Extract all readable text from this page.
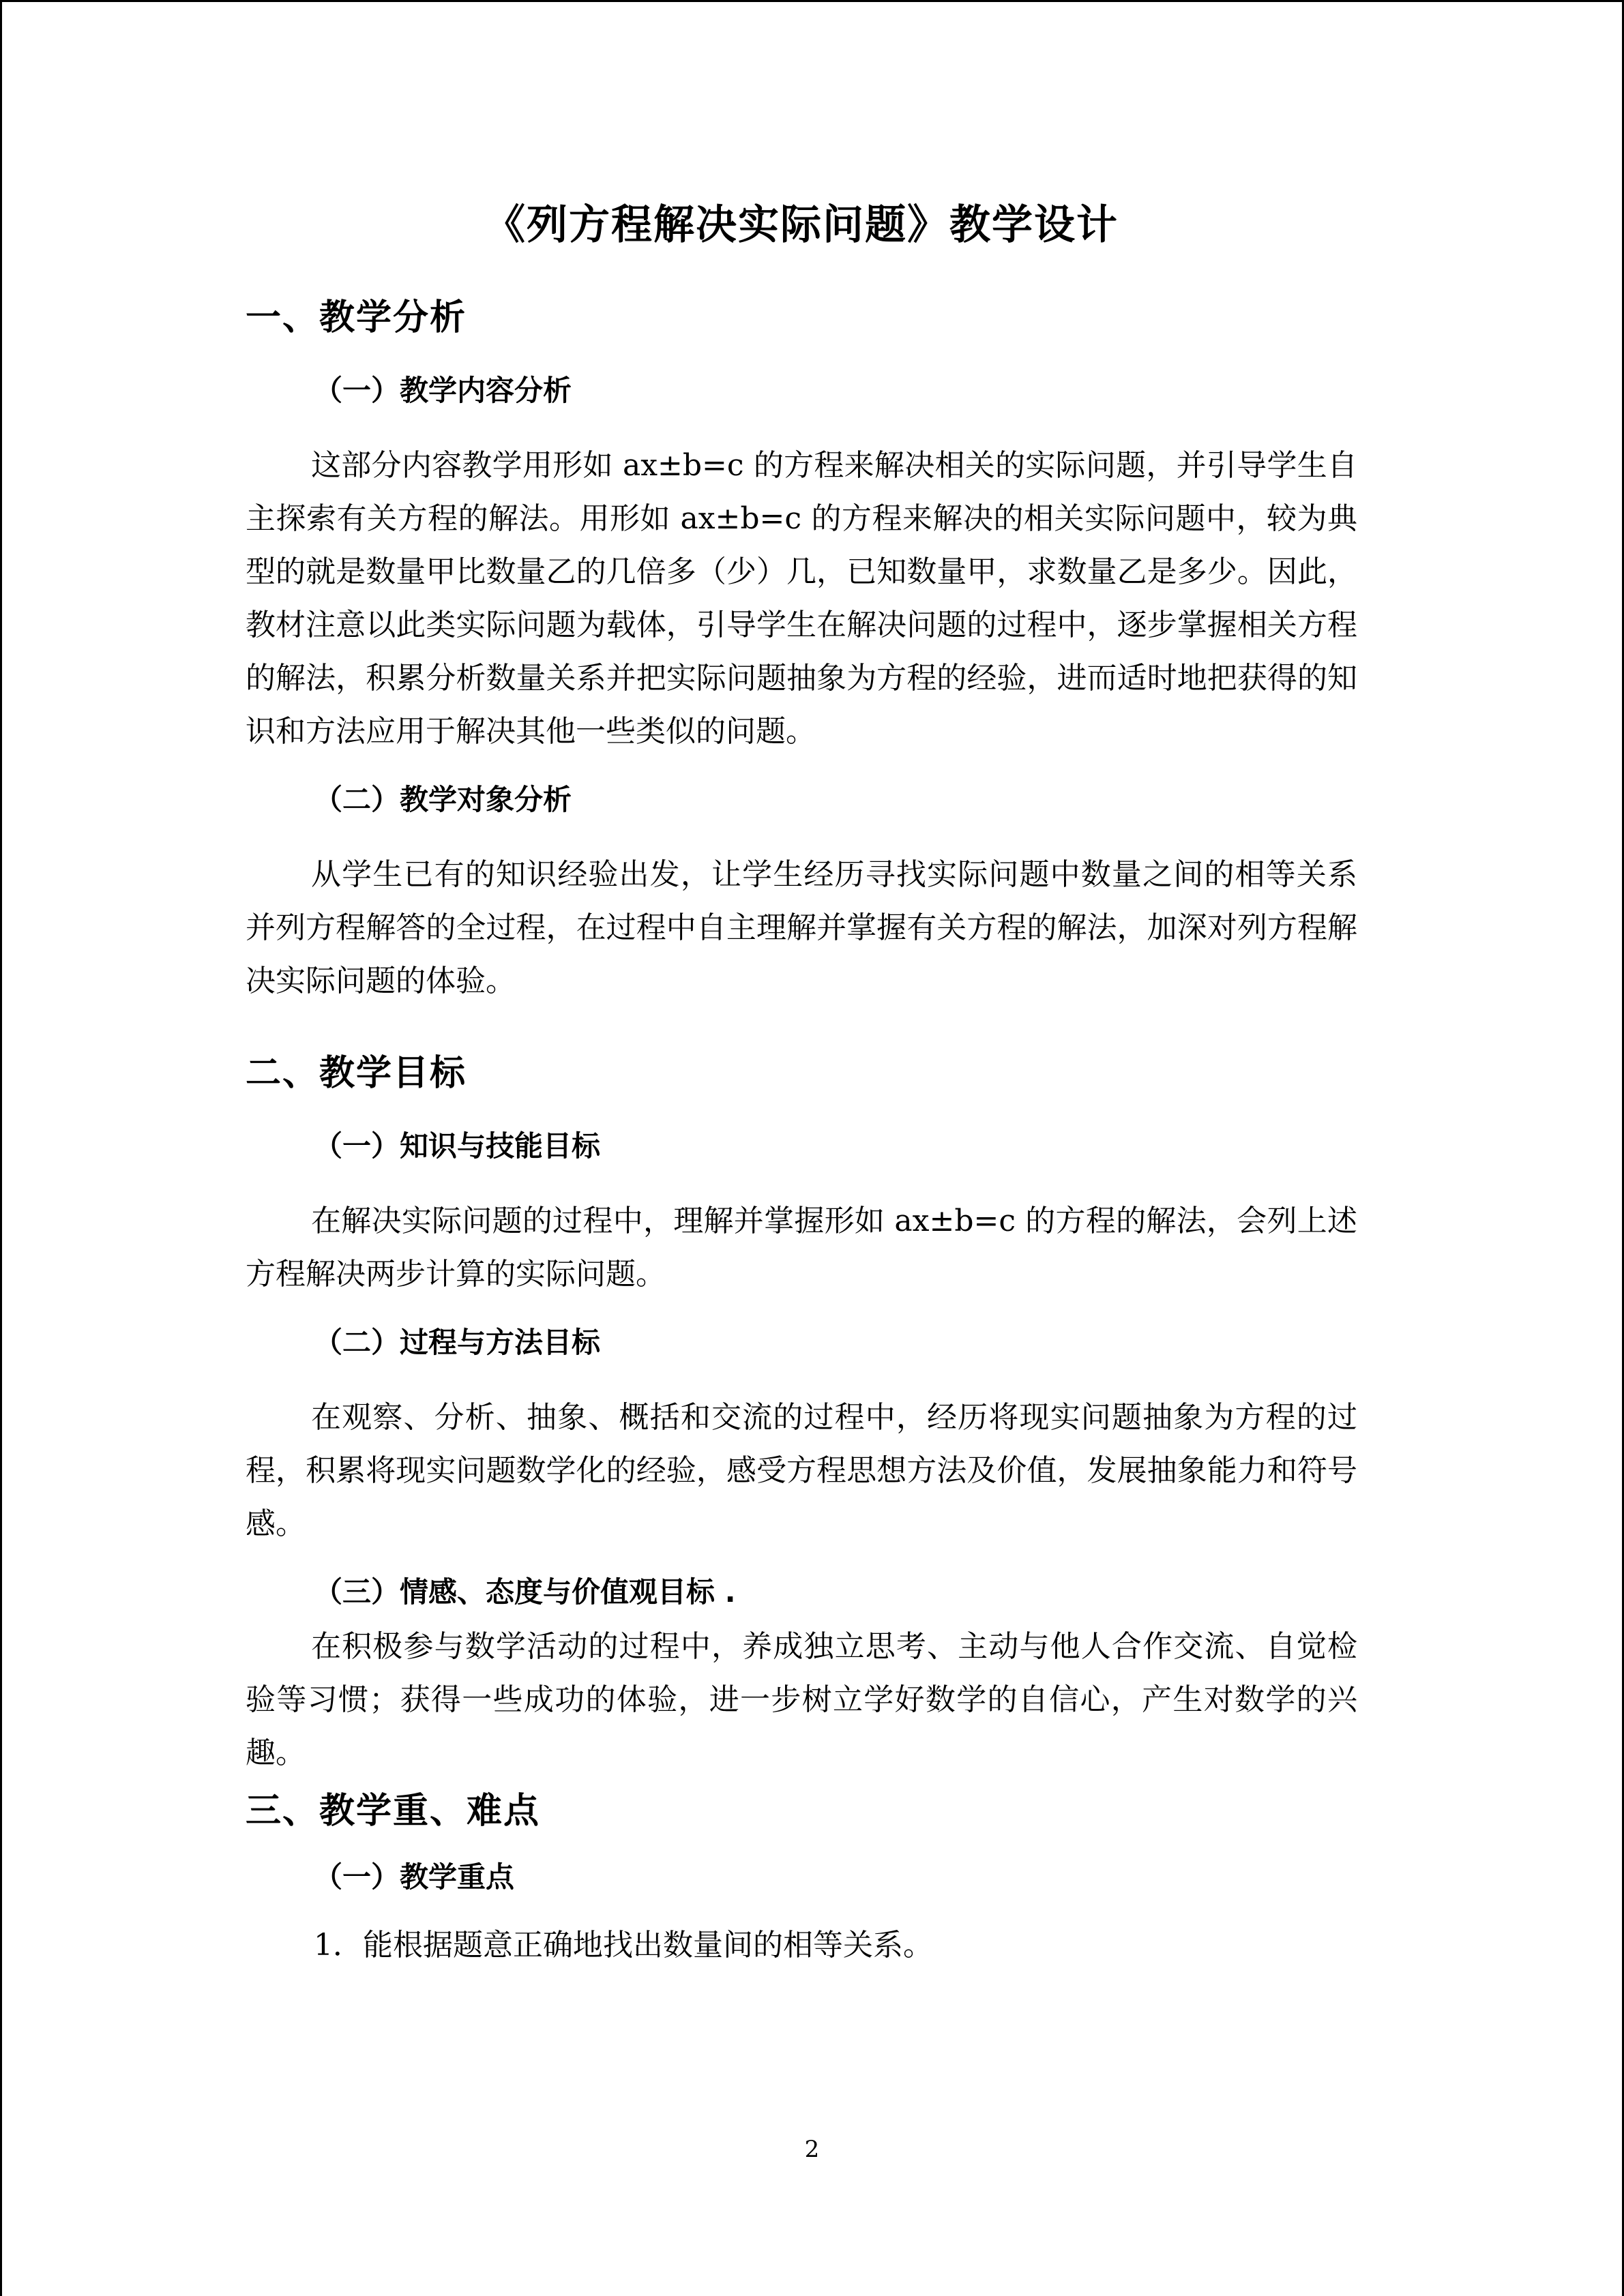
《列方程解决实际问题》教学设计
一、教学分析
（一）教学内容分析

这部分内容教学用形如 ax±b=c 的方程来解决相关的实际问题，并引导学生自主探索有关方程的解法。用形如 ax±b=c 的方程来解决的相关实际问题中，较为典型的就是数量甲比数量乙的几倍多（少）几，已知数量甲，求数量乙是多少。因此，教材注意以此类实际问题为载体，引导学生在解决问题的过程中，逐步掌握相关方程的解法，积累分析数量关系并把实际问题抽象为方程的经验，进而适时地把获得的知识和方法应用于解决其他一些类似的问题。

（二）教学对象分析

从学生已有的知识经验出发，让学生经历寻找实际问题中数量之间的相等关系并列方程解答的全过程，在过程中自主理解并掌握有关方程的解法，加深对列方程解决实际问题的体验。

二、教学目标
（一）知识与技能目标

在解决实际问题的过程中，理解并掌握形如 ax±b=c 的方程的解法，会列上述方程解决两步计算的实际问题。

（二）过程与方法目标

在观察、分析、抽象、概括和交流的过程中，经历将现实问题抽象为方程的过程，积累将现实问题数学化的经验，感受方程思想方法及价值，发展抽象能力和符号感。

（三）情感、态度与价值观目标 .

在积极参与数学活动的过程中，养成独立思考、主动与他人合作交流、自觉检验等习惯；获得一些成功的体验，进一步树立学好数学的自信心，产生对数学的兴趣。

三、教学重、难点
（一）教学重点
1．能根据题意正确地找出数量间的相等关系。
2
